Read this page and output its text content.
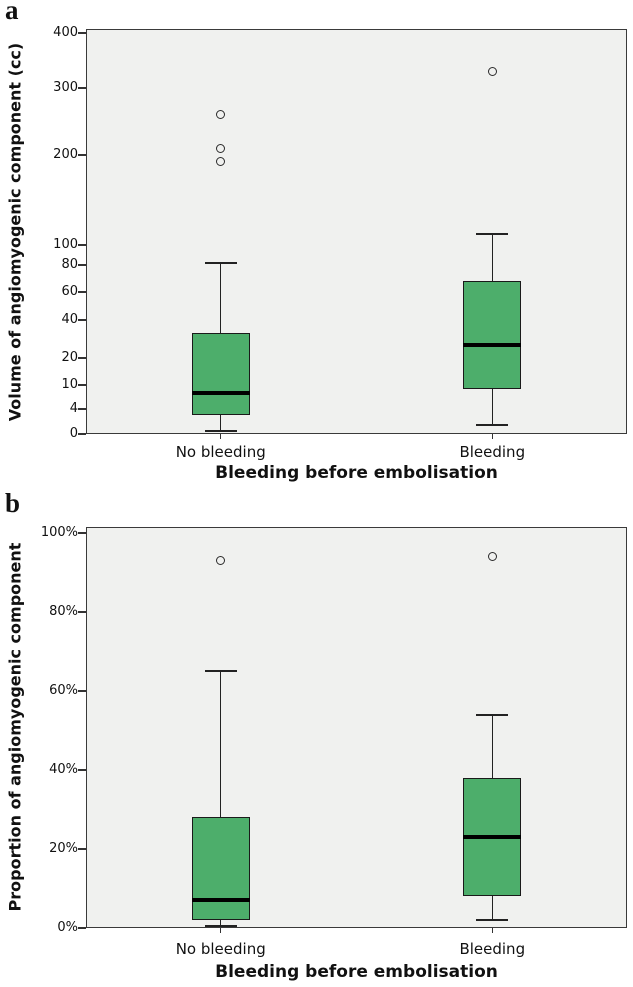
a
Volume of angiomyogenic component (cc)
Bleeding before embolisation
b
Proportion of angiomyogenic component
Bleeding before embolisation
400
300
200
100
80
60
40
20
10
4
0
No bleeding	Bleeding
100%
80%
60%
40%
20%
0%
No bleeding	Bleeding
